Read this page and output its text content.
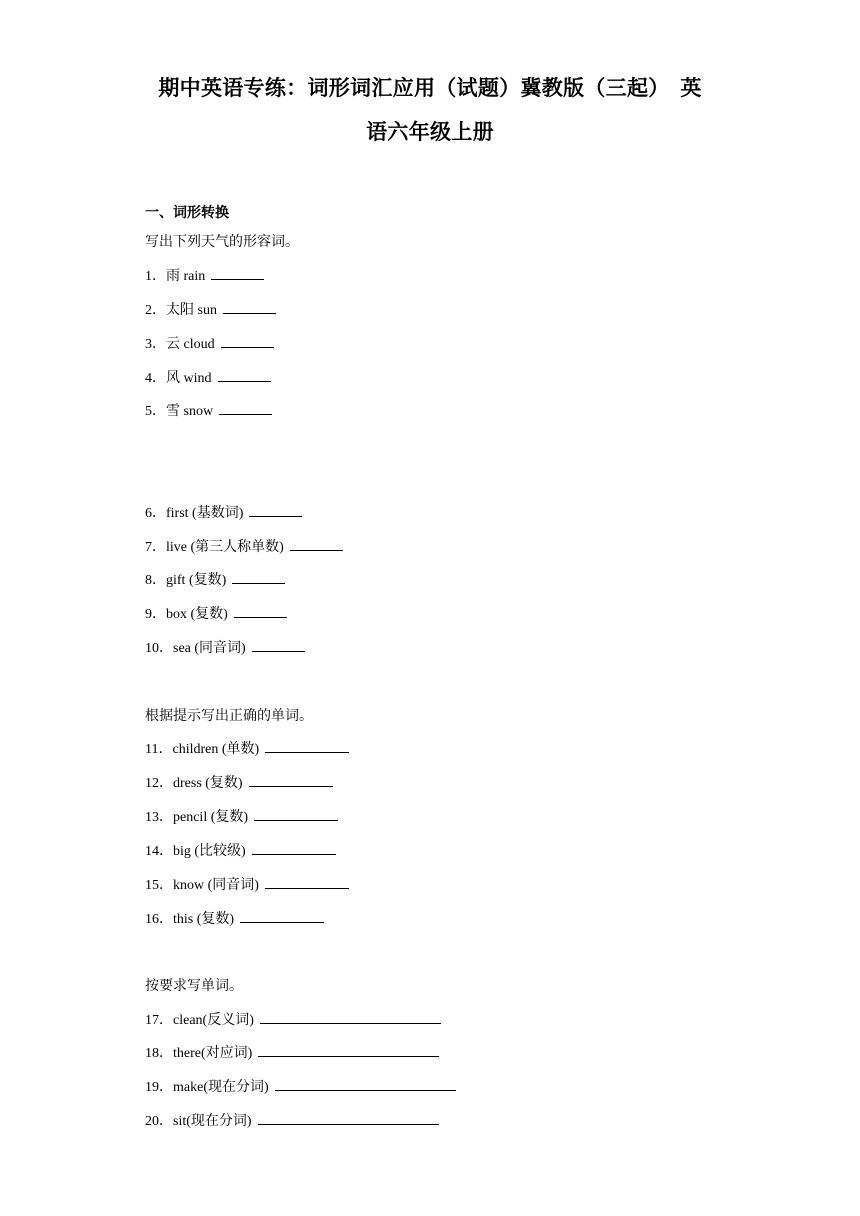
期中英语专练：词形词汇应用（试题）冀教版（三起）　英
语六年级上册
一、词形转换
写出下列天气的形容词。
1．雨 rain
2．太阳 sun
3．云 cloud
4．风 wind
5．雪 snow
6．first (基数词)
7．live (第三人称单数)
8．gift (复数)
9．box (复数)
10．sea (同音词)
根据提示写出正确的单词。
11．children (单数)
12．dress (复数)
13．pencil (复数)
14．big (比较级)
15．know (同音词)
16．this (复数)
按要求写单词。
17．clean(反义词)
18．there(对应词)
19．make(现在分词)
20．sit(现在分词)
